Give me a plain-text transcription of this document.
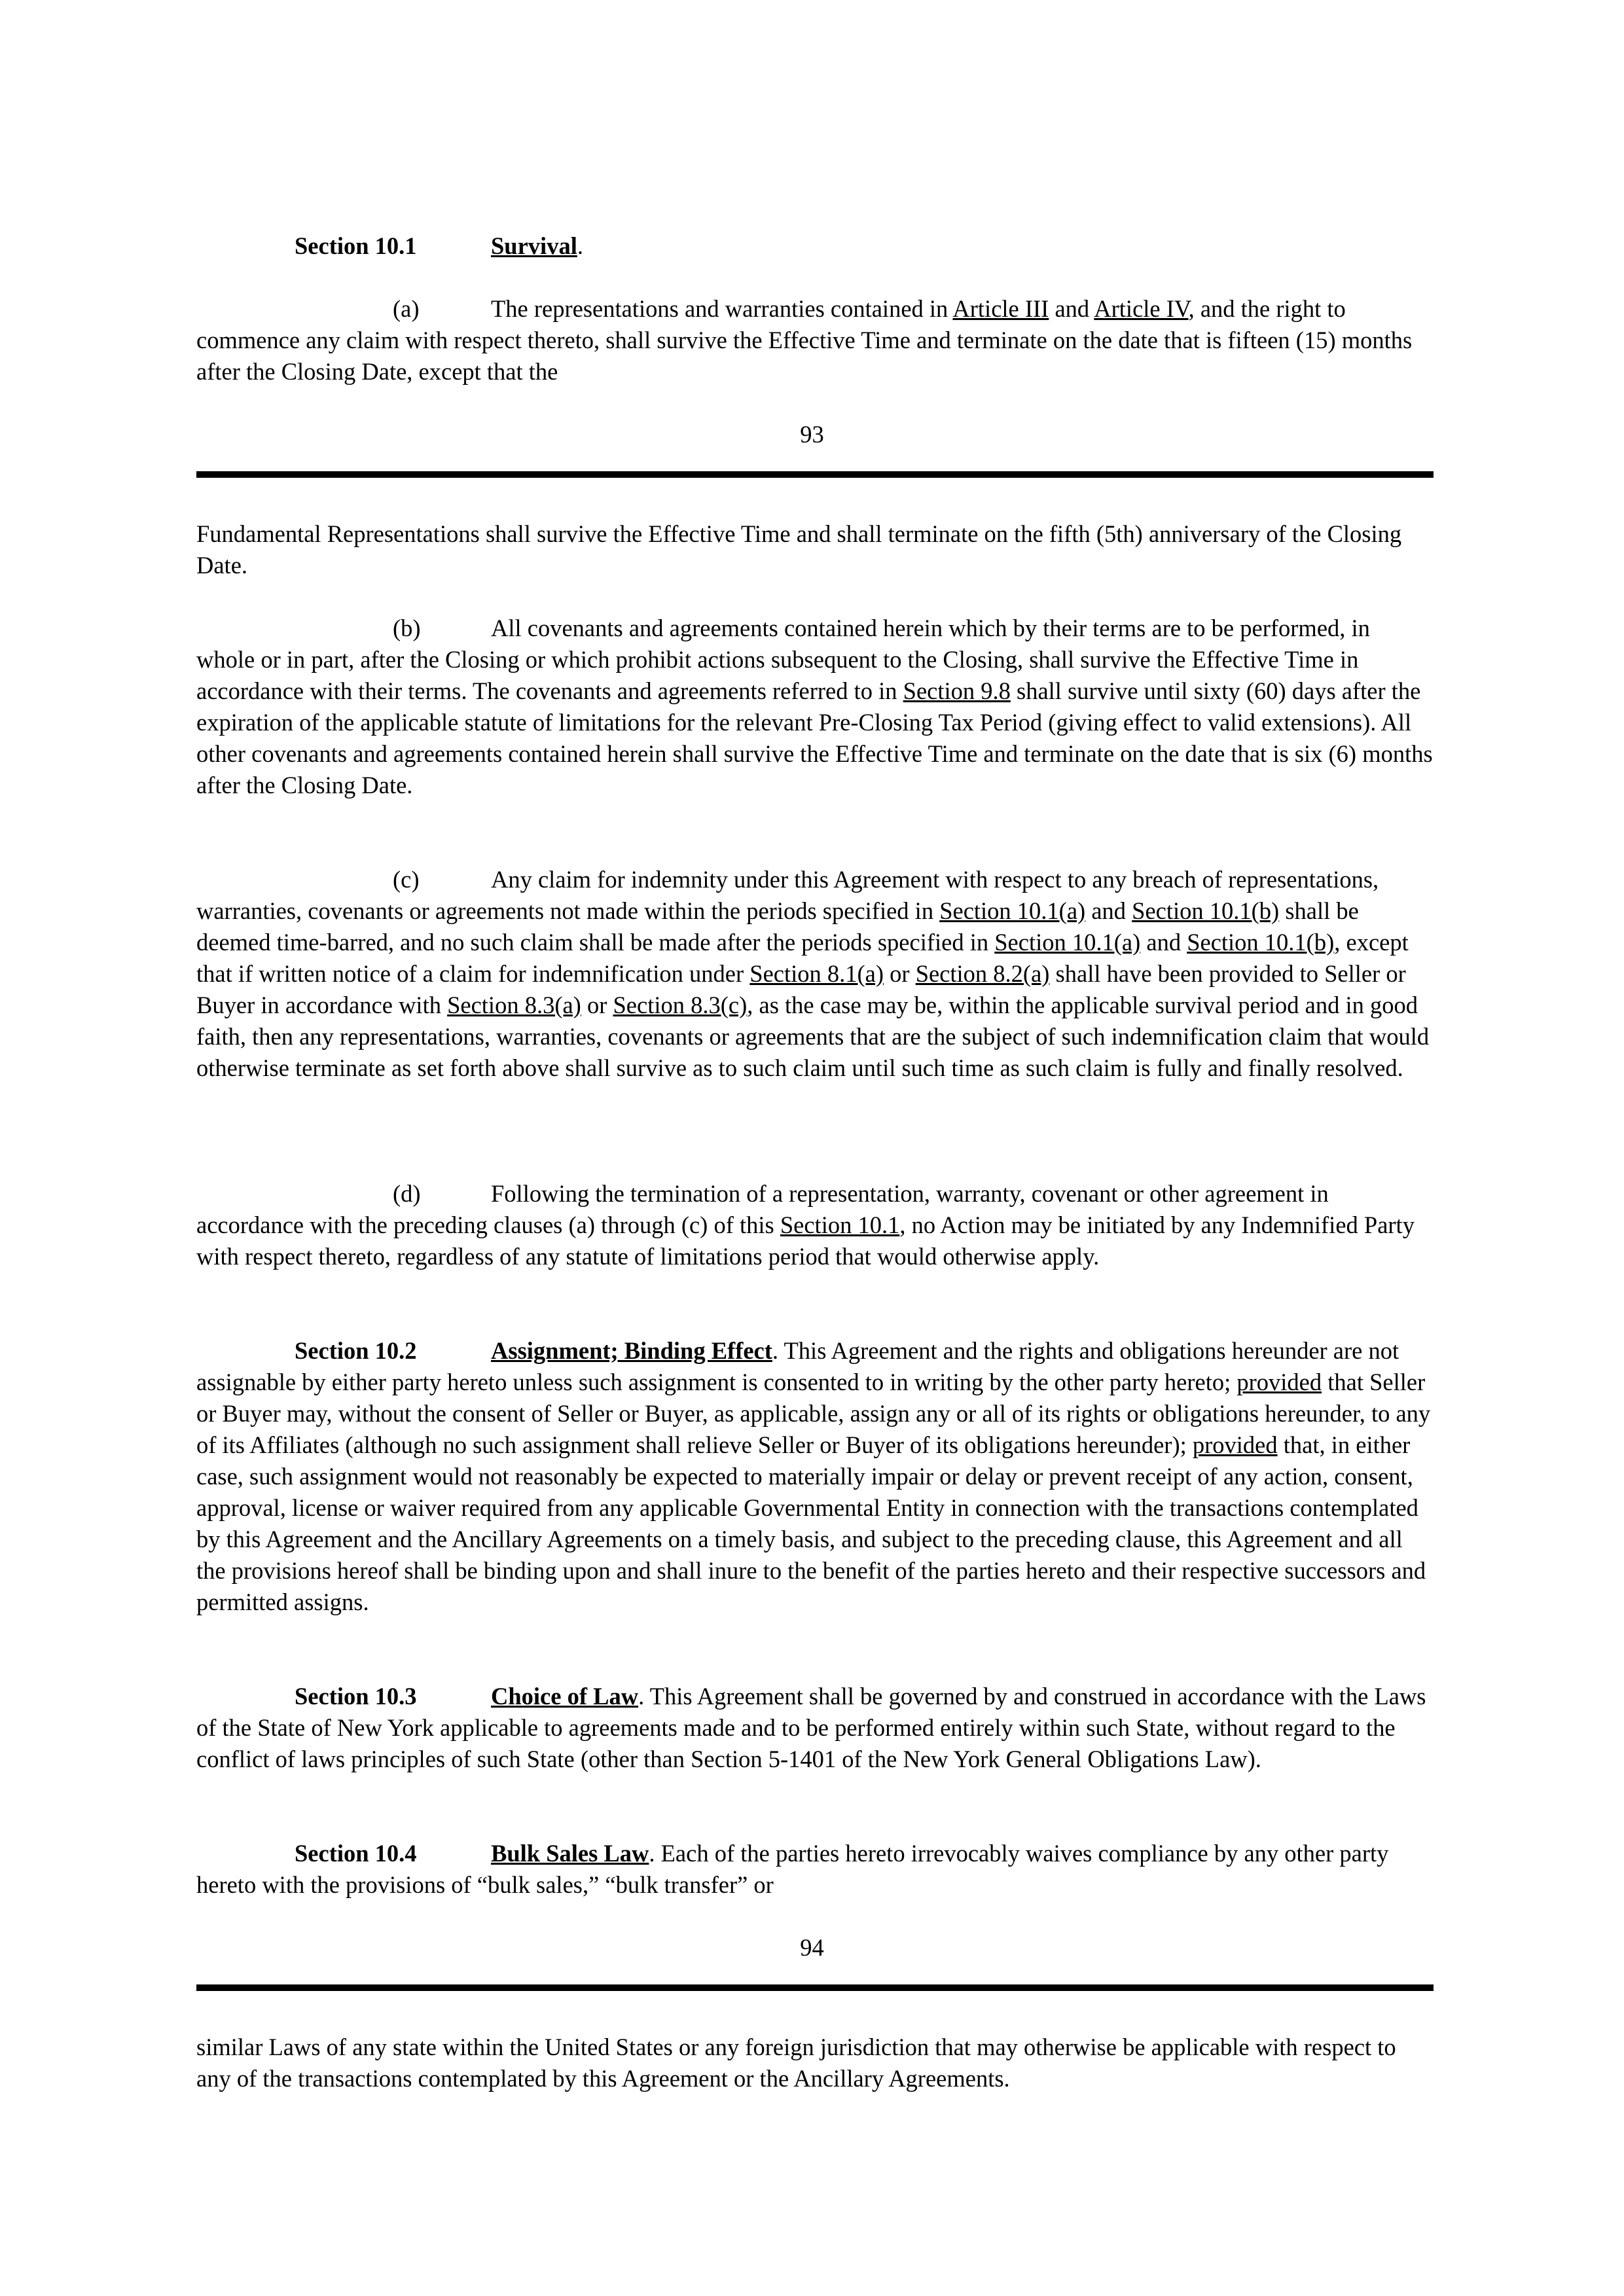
Section 10.1	Survival.

(a)	The representations and warranties contained in Article III and Article IV, and the right to commence any claim with respect thereto, shall survive the Effective Time and terminate on the date that is fifteen (15) months after the Closing Date, except that the

93

Fundamental Representations shall survive the Effective Time and shall terminate on the fifth (5th) anniversary of the Closing Date.

(b)	All covenants and agreements contained herein which by their terms are to be performed, in whole or in part, after the Closing or which prohibit actions subsequent to the Closing, shall survive the Effective Time in accordance with their terms. The covenants and agreements referred to in Section 9.8 shall survive until sixty (60) days after the expiration of the applicable statute of limitations for the relevant Pre-Closing Tax Period (giving effect to valid extensions). All other covenants and agreements contained herein shall survive the Effective Time and terminate on the date that is six (6) months after the Closing Date.

(c)	Any claim for indemnity under this Agreement with respect to any breach of representations, warranties, covenants or agreements not made within the periods specified in Section 10.1(a) and Section 10.1(b) shall be deemed time-barred, and no such claim shall be made after the periods specified in Section 10.1(a) and Section 10.1(b), except that if written notice of a claim for indemnification under Section 8.1(a) or Section 8.2(a) shall have been provided to Seller or Buyer in accordance with Section 8.3(a) or Section 8.3(c), as the case may be, within the applicable survival period and in good faith, then any representations, warranties, covenants or agreements that are the subject of such indemnification claim that would otherwise terminate as set forth above shall survive as to such claim until such time as such claim is fully and finally resolved.

(d)	Following the termination of a representation, warranty, covenant or other agreement in accordance with the preceding clauses (a) through (c) of this Section 10.1, no Action may be initiated by any Indemnified Party with respect thereto, regardless of any statute of limitations period that would otherwise apply.

Section 10.2	Assignment; Binding Effect. This Agreement and the rights and obligations hereunder are not assignable by either party hereto unless such assignment is consented to in writing by the other party hereto; provided that Seller or Buyer may, without the consent of Seller or Buyer, as applicable, assign any or all of its rights or obligations hereunder, to any of its Affiliates (although no such assignment shall relieve Seller or Buyer of its obligations hereunder); provided that, in either case, such assignment would not reasonably be expected to materially impair or delay or prevent receipt of any action, consent, approval, license or waiver required from any applicable Governmental Entity in connection with the transactions contemplated by this Agreement and the Ancillary Agreements on a timely basis, and subject to the preceding clause, this Agreement and all the provisions hereof shall be binding upon and shall inure to the benefit of the parties hereto and their respective successors and permitted assigns.

Section 10.3	Choice of Law. This Agreement shall be governed by and construed in accordance with the Laws of the State of New York applicable to agreements made and to be performed entirely within such State, without regard to the conflict of laws principles of such State (other than Section 5-1401 of the New York General Obligations Law).

Section 10.4	Bulk Sales Law. Each of the parties hereto irrevocably waives compliance by any other party hereto with the provisions of “bulk sales,” “bulk transfer” or

94

similar Laws of any state within the United States or any foreign jurisdiction that may otherwise be applicable with respect to any of the transactions contemplated by this Agreement or the Ancillary Agreements.
